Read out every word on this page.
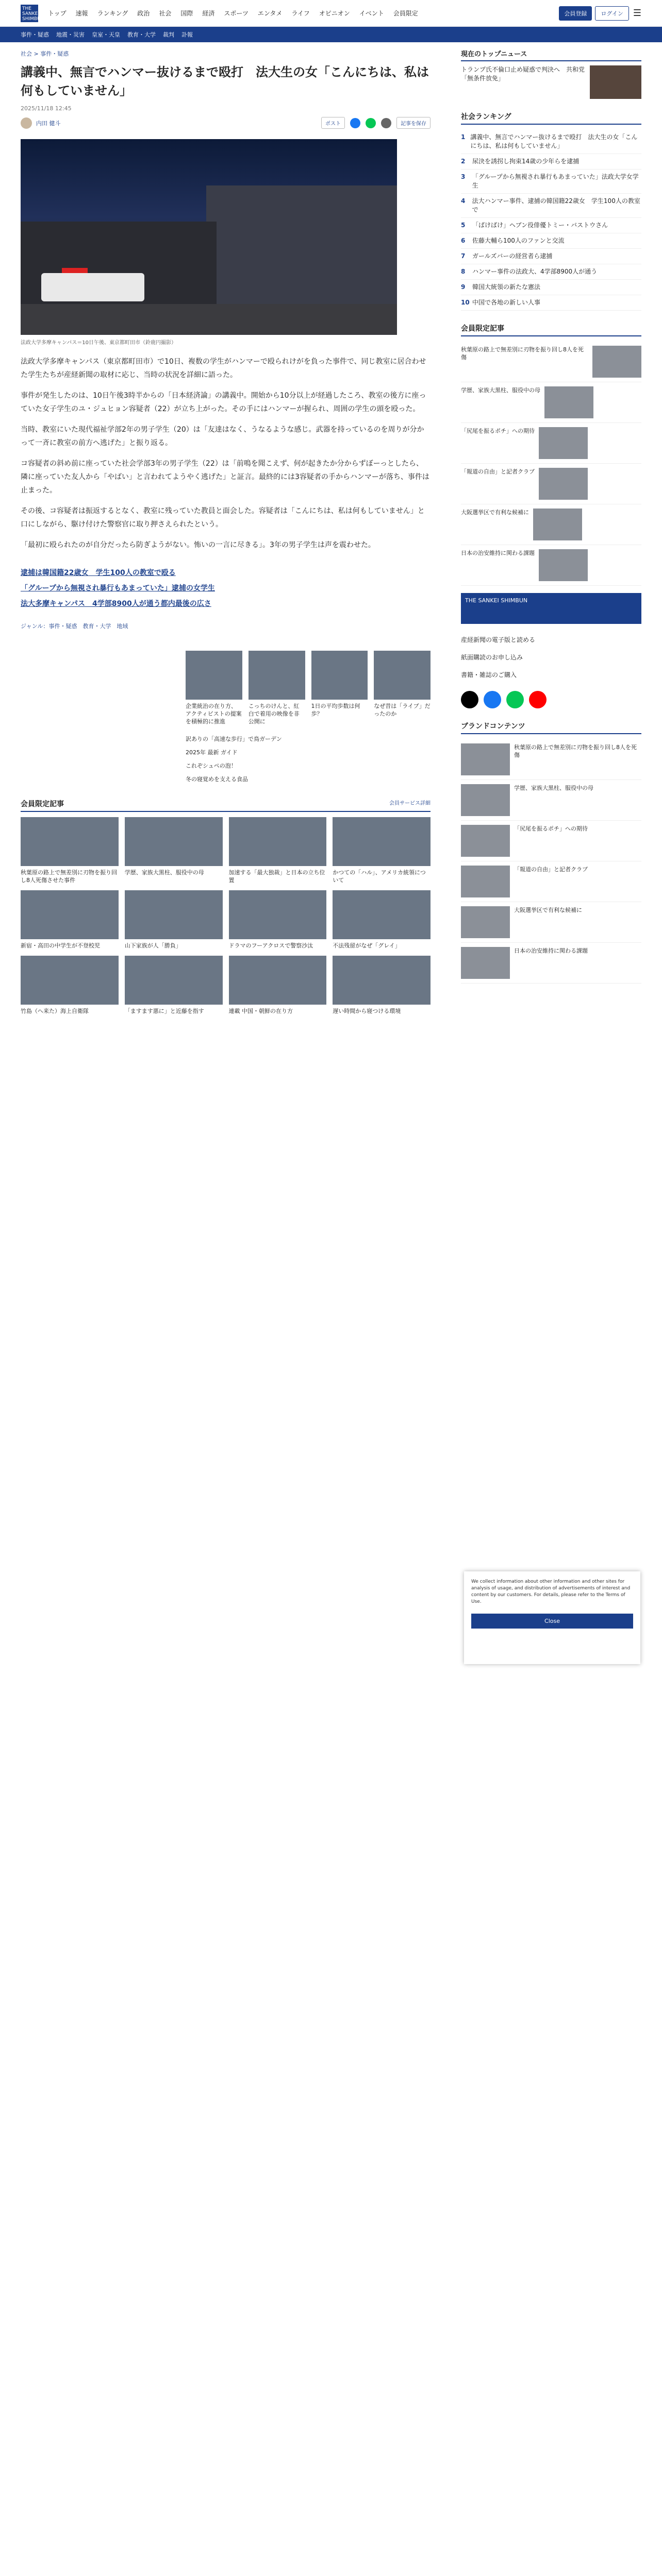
THE SANKEI SHIMBUN
トップ	速報	ランキング	政治	社会	国際	経済	スポーツ	エンタメ	ライフ	オピニオン	イベント	会員限定	会員登録	ログイン	☰
事件・疑惑 地震・災害 皇室・天皇 教育・大学 裁判 訃報
社会 > 事件・疑惑
講義中、無言でハンマー抜けるまで殴打　法大生の女「こんにちは、私は何もしていません」
2025/11/18 12:45
内田 健斗	ポスト	記事を保存
法政大学多摩キャンパス＝10日午後、東京都町田市（鈴鹿円撮影）

法政大学多摩キャンパス（東京都町田市）で10日、複数の学生がハンマーで殴られけがを負った事件で、同じ教室に居合わせた学生たちが産経新聞の取材に応じ、当時の状況を詳細に語った。

事件が発生したのは、10日午後3時半からの「日本経済論」の講義中。開始から10分以上が経過したころ、教室の後方に座っていた女子学生のユ・ジュヒョン容疑者（22）が立ち上がった。その手にはハンマーが握られ、周囲の学生の頭を殴った。

当時、教室にいた現代福祉学部2年の男子学生（20）は「友達はなく、うなるような感じ。武器を持っているのを周りが分かって一斉に教室の前方へ逃げた」と振り返る。

コ容疑者の斜め前に座っていた社会学部3年の男子学生（22）は「前鳴を聞こえず、何が起きたか分からずぼーっとしたら、隣に座っていた友人から「やばい」と言われてようやく逃げた」と証言。最終的には3容疑者の手からハンマーが落ち、事件は止まった。

その後、コ容疑者は振返するとなく、教室に残っていた教員と面会した。容疑者は「こんにちは、私は何もしていません」と口にしながら、駆け付けた警察官に取り押さえられたという。

「最初に殴られたのが自分だったら防ぎようがない。怖いの一言に尽きる」。3年の男子学生は声を震わせた。

逮捕は韓国籍22歳女　学生100人の教室で殴る
「グループから無視され暴行もあまっていた」逮捕の女学生
法大多摩キャンパス　4学部8900人が通う都内最後の広さ
ジャンル：事件・疑惑　教育・大学　地域

企業統治の在り方、アクティビストの提案を積極的に推進

こっちのけんと、紅白で着用の映像を非公開に

1日の平均歩数は何歩？

なぜ昔は「ライブ」だったのか

訳ありの「高速な歩行」で鳥ガーデン
2025年 最新 ガイド
これぞシュペの泡！
冬の寝覚めを支える食品
会員限定記事	会員サービス詳細

秋葉原の路上で無差別に刃物を振り回し8人死傷させた事件

学歴、家族大黒柱、服役中の母	加速する「最大独裁」と日本の立ち位置

かつての「ハル」、アメリカ統領について

新宿・高田の中学生が不登校児	山下家族が人「勝負」	ドラマのフーアクロスで警察沙汰	不法残留がなぜ「グレイ」

竹島（へ来た）海上自衛隊	「ますます悪に」と近藤を指す	連載 中国・朝鮮の在り方	遅い時間から寝つける環境

現在のトップニュース
トランプ氏不倫口止め疑惑で判決へ　共和党「無条件放免」　
社会ランキング
1 講義中、無言でハンマー抜けるまで殴打　法大生の女「こんにちは、私は何もしていません」
2	尿決を誘拐し拘束14歳の少年らを逮捕
3 「グループから無視され暴行もあまっていた」法政大学女学生
4 法大ハンマー事件、逮捕の韓国籍22歳女　学生100人の教室で
5	「ばけばけ」ヘブン役俳優トミー・バストウさん
6	佐藤大輔ら100人のファンと交流
7	ガールズバーの経営者ら逮捕
8	ハンマー事件の法政大、4学部8900人が通う
9	韓国大統領の新たな憲法
10 中国で各地の新しい人事
会員限定記事
秋葉原の路上で無差別に刃物を振り回し8人を死傷
学歴、家族大黒柱、服役中の母
「尻尾を振るポチ」への期待
「報道の自由」と記者クラブ
大阪選挙区で有利な候補に
日本の治安維持に関わる課題
THE SANKEI SHIMBUN
産経新聞の電子版と読める
紙面購読のお申し込み
書籍・雑誌のご購入
ブランドコンテンツ
秋葉原の路上で無差別に刃物を振り回し8人を死傷
学歴、家族大黒柱、服役中の母
「尻尾を振るポチ」への期待
「報道の自由」と記者クラブ
大阪選挙区で有利な候補に
日本の治安維持に関わる課題
We collect information about other information and other sites for analysis of usage, and distribution of advertisements of interest and content by our customers. For details, please refer to the Terms of Use.
Close
